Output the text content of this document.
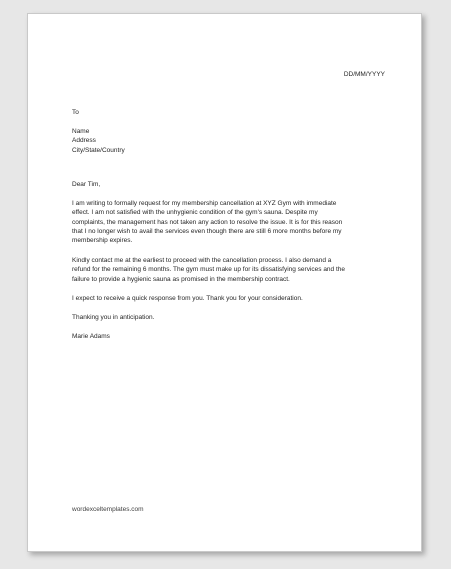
DD/MM/YYYY
To
Name
Address
City/State/Country
Dear Tim,
I am writing to formally request for my membership cancellation at XYZ Gym with immediate
effect. I am not satisfied with the unhygienic condition of the gym's sauna. Despite my
complaints, the management has not taken any action to resolve the issue. It is for this reason
that I no longer wish to avail the services even though there are still 6 more months before my
membership expires.
Kindly contact me at the earliest to proceed with the cancellation process. I also demand a
refund for the remaining 6 months. The gym must make up for its dissatisfying services and the
failure to provide a hygienic sauna as promised in the membership contract.
I expect to receive a quick response from you. Thank you for your consideration.
Thanking you in anticipation.
Marie Adams
wordexceltemplates.com
